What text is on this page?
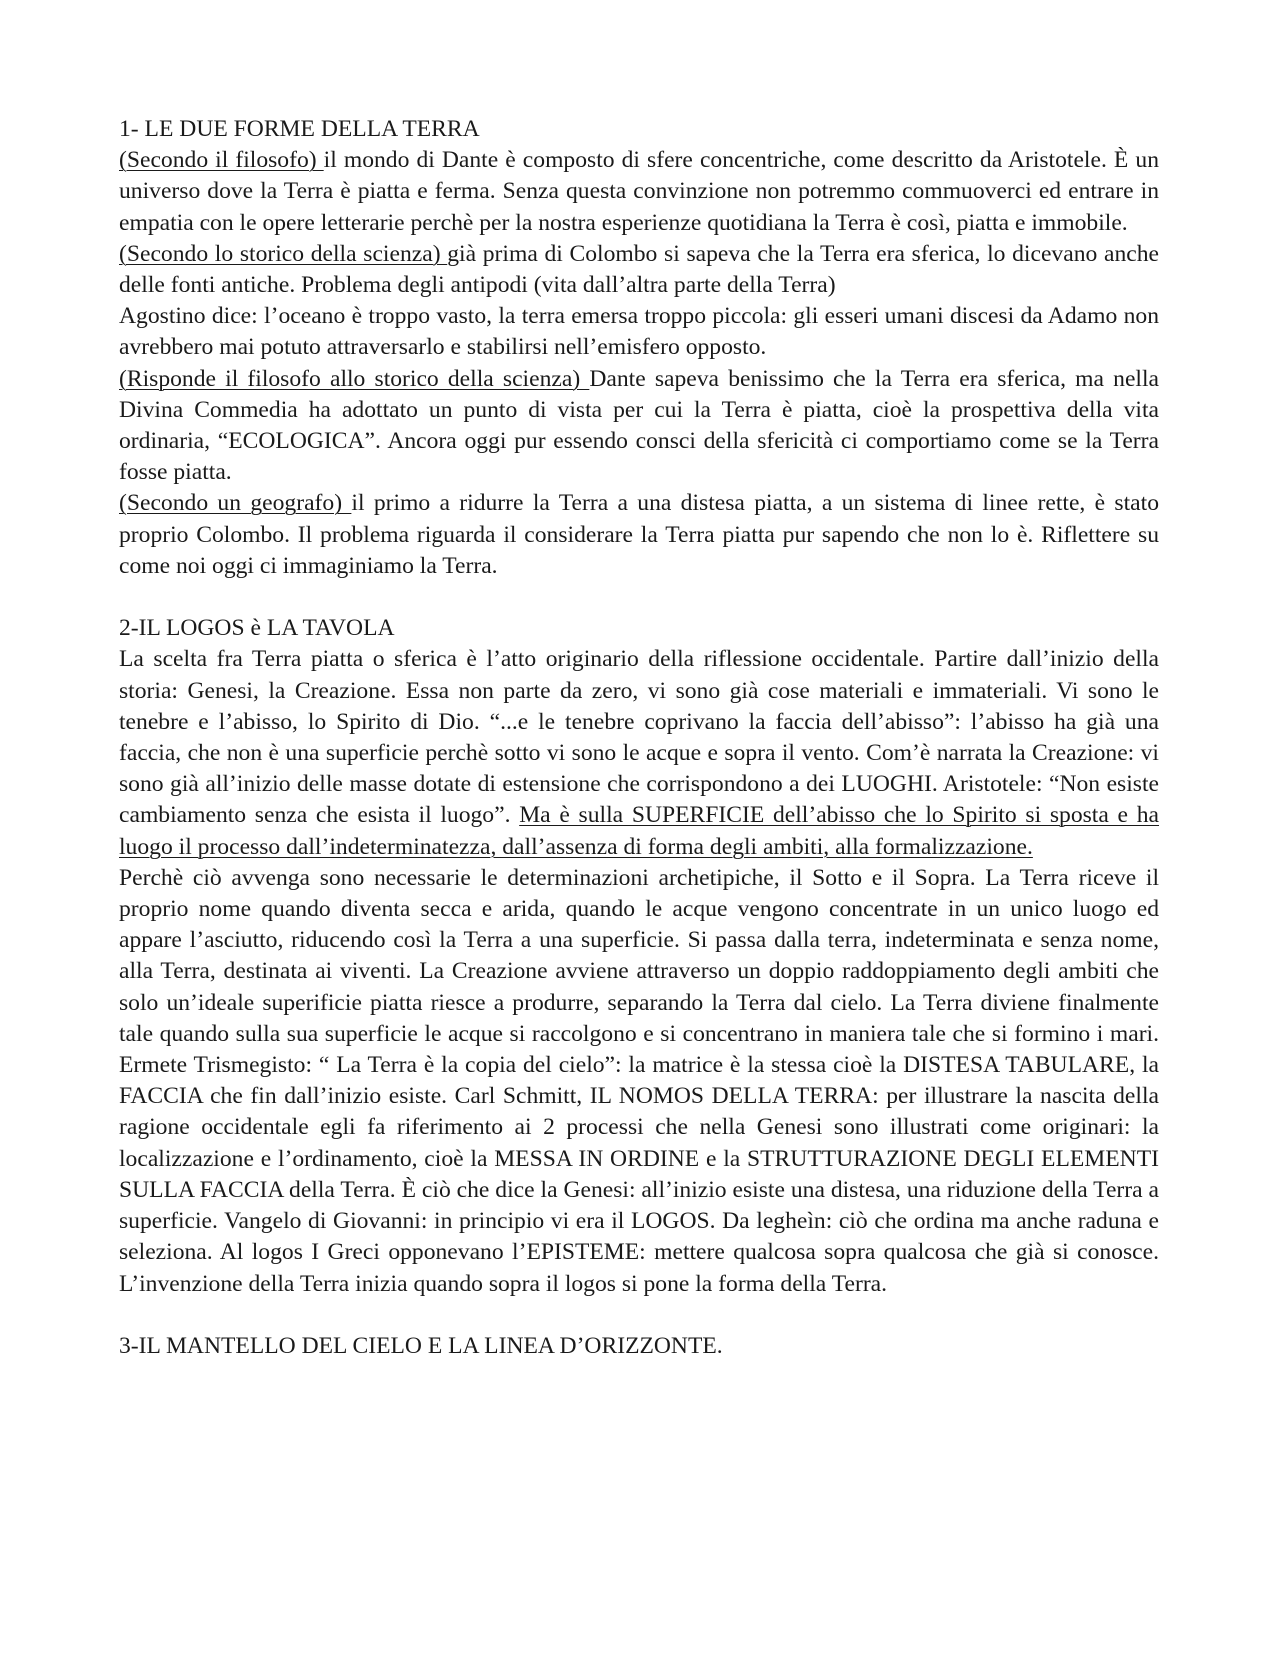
1- LE DUE FORME DELLA TERRA

(Secondo il filosofo) il mondo di Dante è composto di sfere concentriche, come descritto da Aristotele. È un universo dove la Terra è piatta e ferma. Senza questa convinzione non potremmo commuoverci ed entrare in empatia con le opere letterarie perchè per la nostra esperienze quotidiana la Terra è così, piatta e immobile.

(Secondo lo storico della scienza) già prima di Colombo si sapeva che la Terra era sferica, lo dicevano anche delle fonti antiche. Problema degli antipodi (vita dall’altra parte della Terra)

Agostino dice: l’oceano è troppo vasto, la terra emersa troppo piccola: gli esseri umani discesi da Adamo non avrebbero mai potuto attraversarlo e stabilirsi nell’emisfero opposto.

(Risponde il filosofo allo storico della scienza) Dante sapeva benissimo che la Terra era sferica, ma nella Divina Commedia ha adottato un punto di vista per cui la Terra è piatta, cioè la prospettiva della vita ordinaria, “ECOLOGICA”. Ancora oggi pur essendo consci della sfericità ci comportiamo come se la Terra fosse piatta.

(Secondo un geografo) il primo a ridurre la Terra a una distesa piatta, a un sistema di linee rette, è stato proprio Colombo. Il problema riguarda il considerare la Terra piatta pur sapendo che non lo è. Riflettere su come noi oggi ci immaginiamo la Terra.

2-IL LOGOS è LA TAVOLA

La scelta fra Terra piatta o sferica è l’atto originario della riflessione occidentale. Partire dall’inizio della storia: Genesi, la Creazione. Essa non parte da zero, vi sono già cose materiali e immateriali. Vi sono le tenebre e l’abisso, lo Spirito di Dio. “...e le tenebre coprivano la faccia dell’abisso”: l’abisso ha già una faccia, che non è una superficie perchè sotto vi sono le acque e sopra il vento. Com’è narrata la Creazione: vi sono già all’inizio delle masse dotate di estensione che corrispondono a dei LUOGHI. Aristotele: “Non esiste cambiamento senza che esista il luogo”. Ma è sulla SUPERFICIE dell’abisso che lo Spirito si sposta e ha luogo il processo dall’indeterminatezza, dall’assenza di forma degli ambiti, alla formalizzazione.

Perchè ciò avvenga sono necessarie le determinazioni archetipiche, il Sotto e il Sopra. La Terra riceve il proprio nome quando diventa secca e arida, quando le acque vengono concentrate in un unico luogo ed appare l’asciutto, riducendo così la Terra a una superficie. Si passa dalla terra, indeterminata e senza nome, alla Terra, destinata ai viventi. La Creazione avviene attraverso un doppio raddoppiamento degli ambiti che solo un’ideale superificie piatta riesce a produrre, separando la Terra dal cielo. La Terra diviene finalmente tale quando sulla sua superficie le acque si raccolgono e si concentrano in maniera tale che si formino i mari. Ermete Trismegisto: “ La Terra è la copia del cielo”: la matrice è la stessa cioè la DISTESA TABULARE, la FACCIA che fin dall’inizio esiste. Carl Schmitt, IL NOMOS DELLA TERRA: per illustrare la nascita della ragione occidentale egli fa riferimento ai 2 processi che nella Genesi sono illustrati come originari: la localizzazione e l’ordinamento, cioè la MESSA IN ORDINE e la STRUTTURAZIONE DEGLI ELEMENTI SULLA FACCIA della Terra. È ciò che dice la Genesi: all’inizio esiste una distesa, una riduzione della Terra a superficie. Vangelo di Giovanni: in principio vi era il LOGOS. Da legheìn: ciò che ordina ma anche raduna e seleziona. Al logos I Greci opponevano l’EPISTEME: mettere qualcosa sopra qualcosa che già si conosce. L’invenzione della Terra inizia quando sopra il logos si pone la forma della Terra.

3-IL MANTELLO DEL CIELO E LA LINEA D’ORIZZONTE.
